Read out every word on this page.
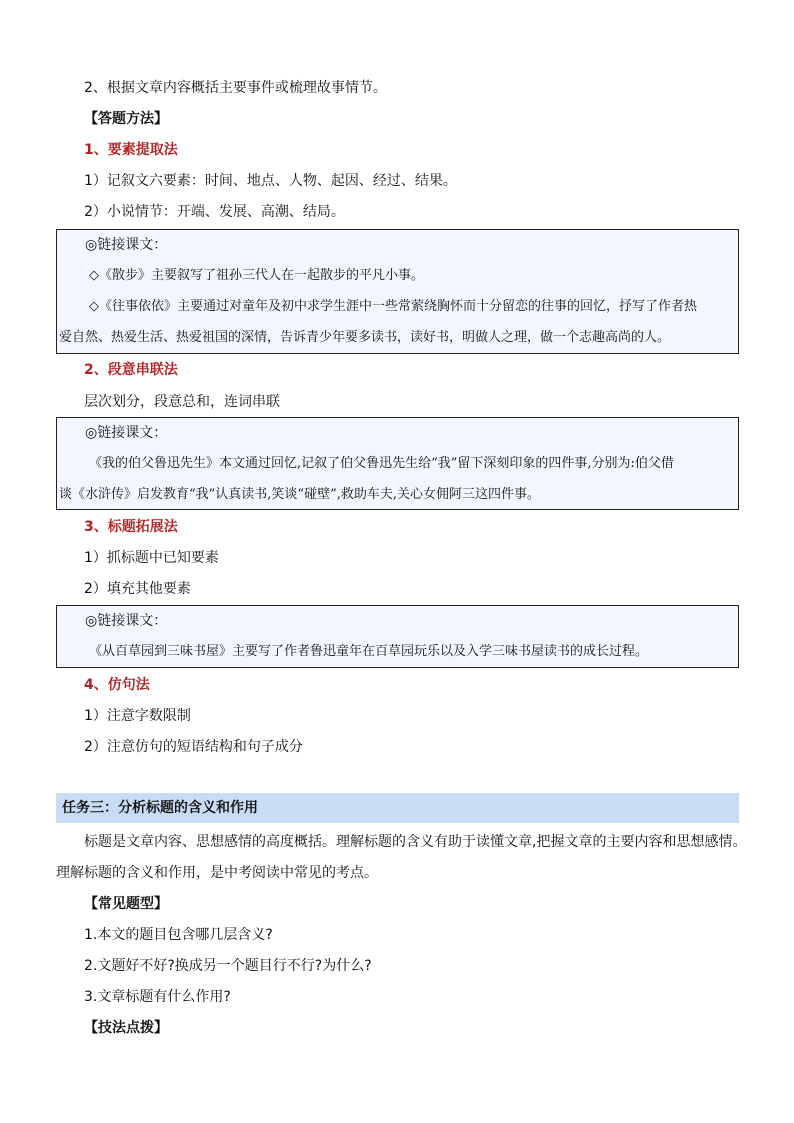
2、根据文章内容概括主要事件或梳理故事情节。
【答题方法】
1、要素提取法
1）记叙文六要素：时间、地点、人物、起因、经过、结果。
2）小说情节：开端、发展、高潮、结局。
◎链接课文：
◇《散步》主要叙写了祖孙三代人在一起散步的平凡小事。
◇《往事依依》主要通过对童年及初中求学生涯中一些常萦绕胸怀而十分留恋的往事的回忆，抒写了作者热
爱自然、热爱生活、热爱祖国的深情，告诉青少年要多读书，读好书，明做人之理，做一个志趣高尚的人。
2、段意串联法
层次划分，段意总和，连词串联
◎链接课文：
《我的伯父鲁迅先生》本文通过回忆,记叙了伯父鲁迅先生给“我”留下深刻印象的四件事,分别为:伯父借
谈《水浒传》启发教育“我”认真读书,笑谈“碰壁”,救助车夫,关心女佣阿三这四件事。
3、标题拓展法
1）抓标题中已知要素
2）填充其他要素
◎链接课文：
《从百草园到三味书屋》主要写了作者鲁迅童年在百草园玩乐以及入学三味书屋读书的成长过程。
4、仿句法
1）注意字数限制
2）注意仿句的短语结构和句子成分
任务三：分析标题的含义和作用
标题是文章内容、思想感情的高度概括。理解标题的含义有助于读懂文章,把握文章的主要内容和思想感情。
理解标题的含义和作用，是中考阅读中常见的考点。
【常见题型】
1.本文的题目包含哪几层含义?
2.文题好不好?换成另一个题目行不行?为什么?
3.文章标题有什么作用?
【技法点拨】
